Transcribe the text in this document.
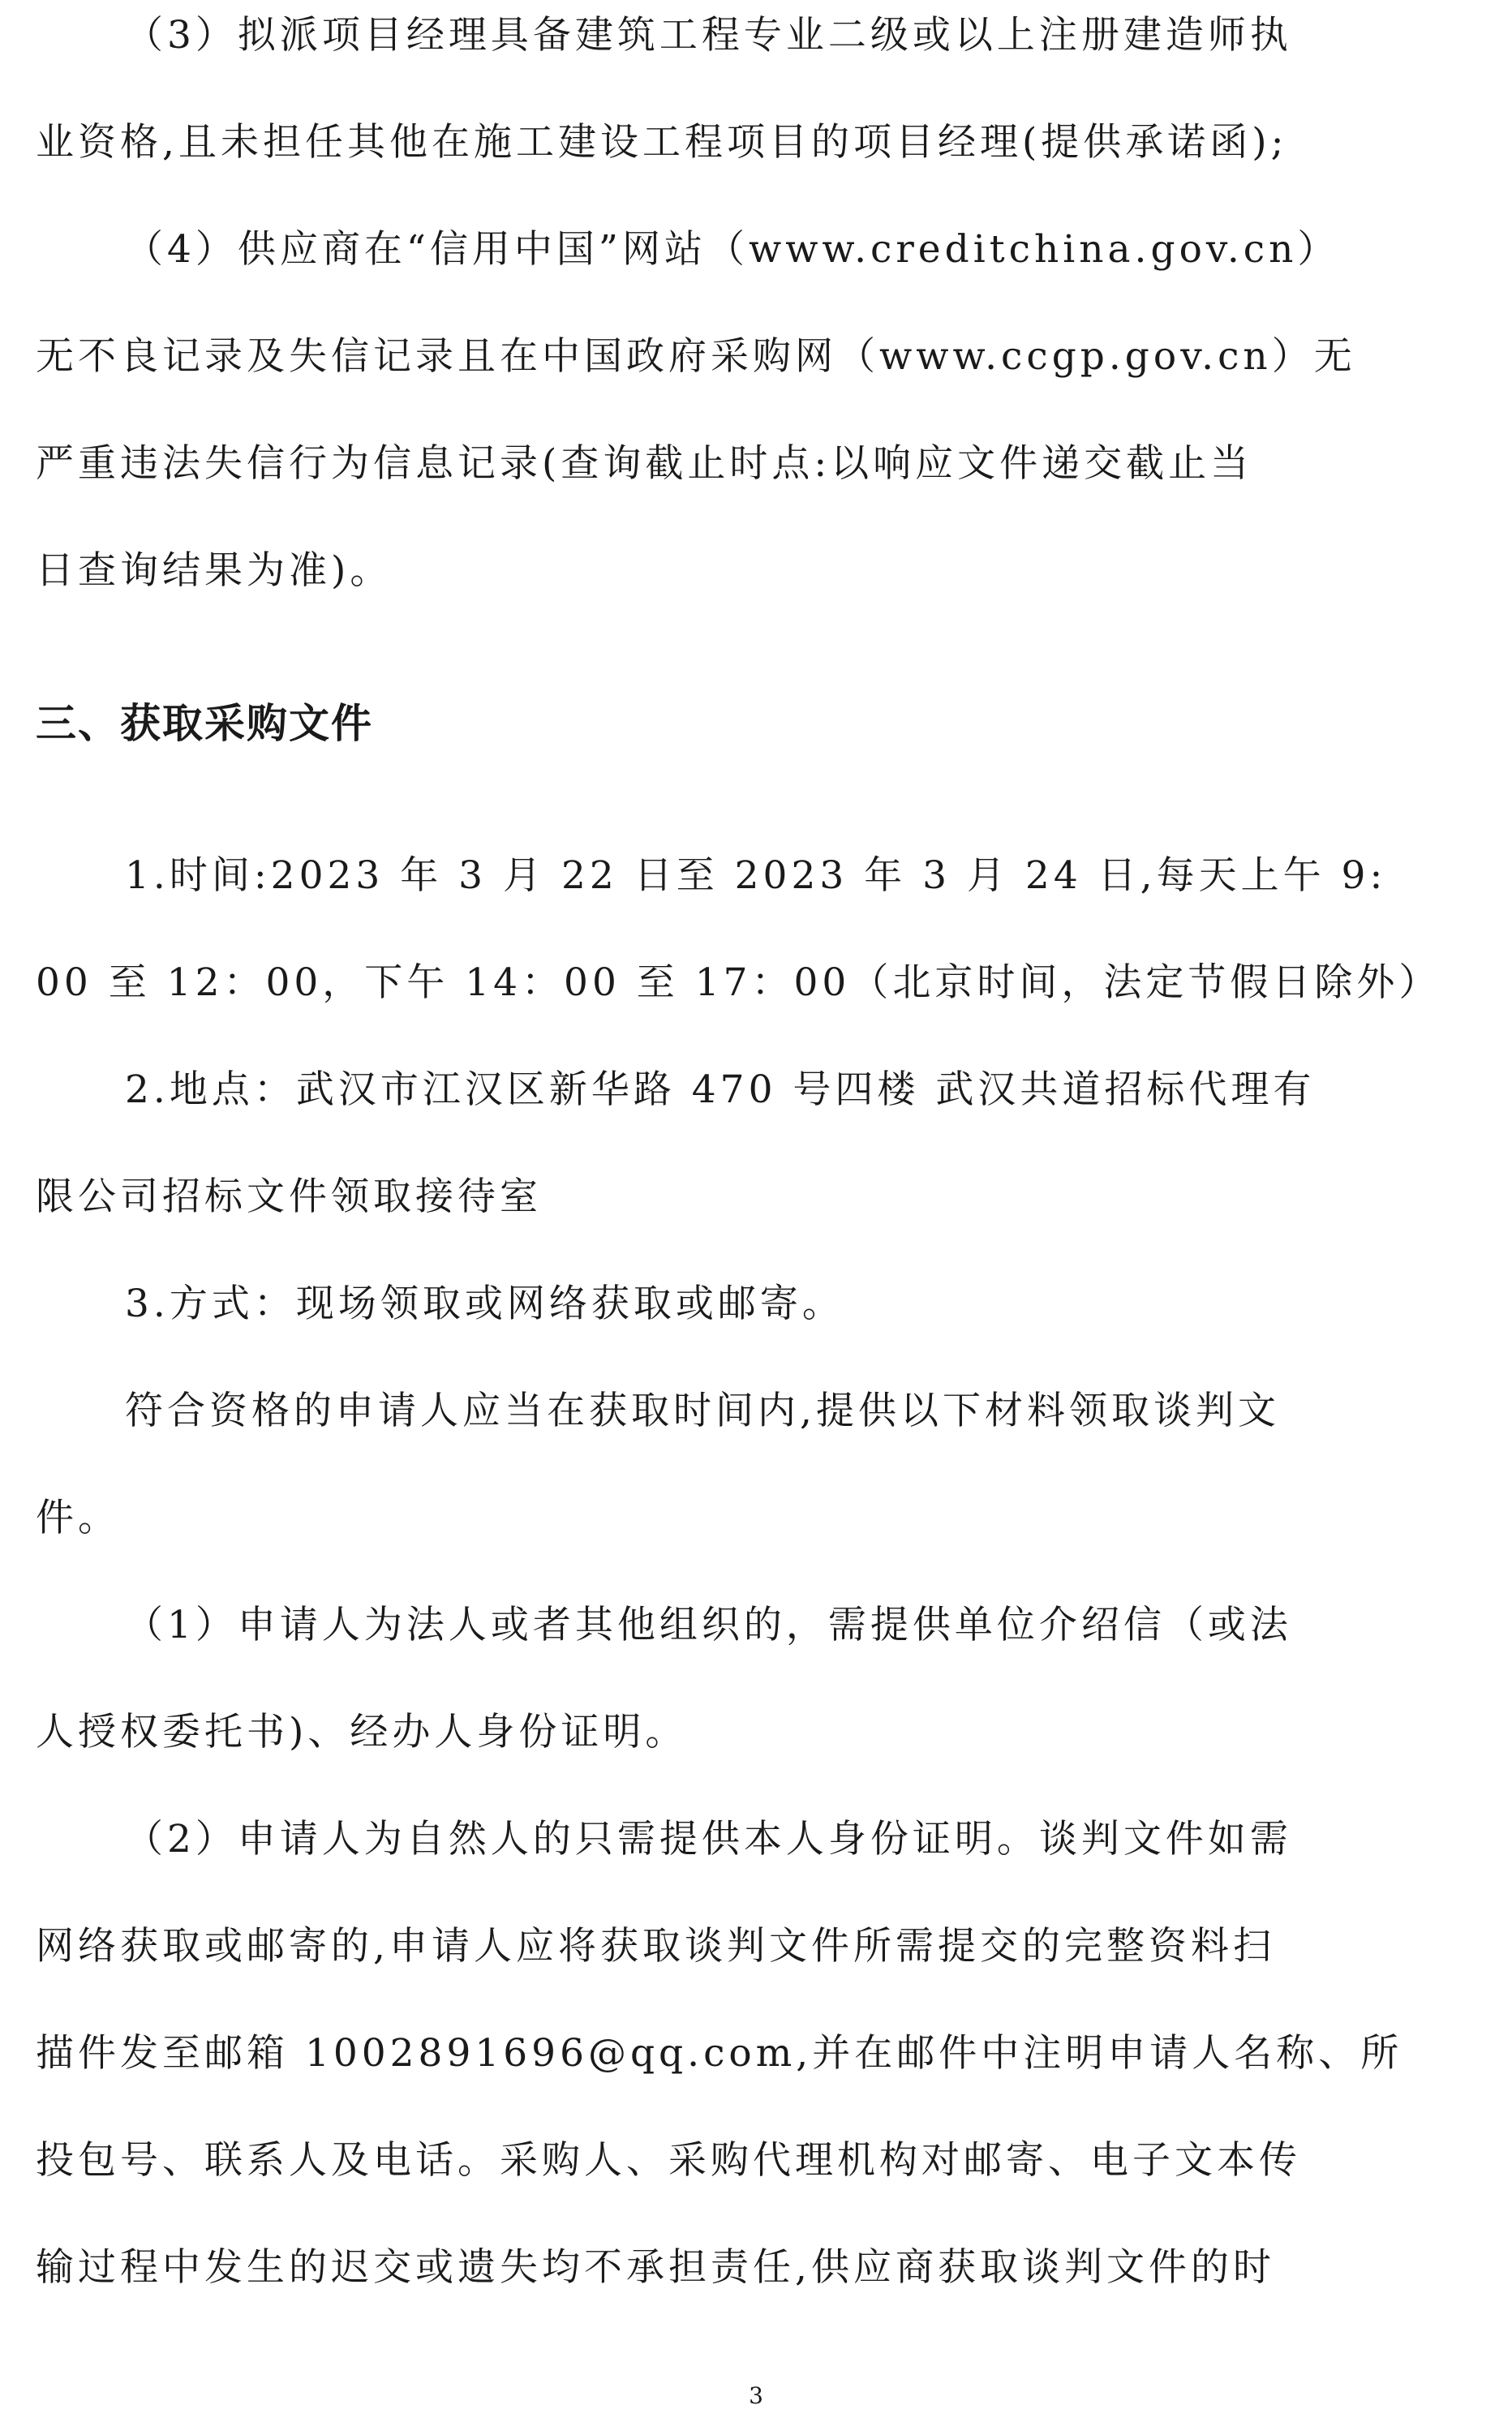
（3）拟派项目经理具备建筑工程专业二级或以上注册建造师执
业资格,且未担任其他在施工建设工程项目的项目经理(提供承诺函);
（4）供应商在“信用中国”网站（www.creditchina.gov.cn）
无不良记录及失信记录且在中国政府采购网（www.ccgp.gov.cn）无
严重违法失信行为信息记录(查询截止时点:以响应文件递交截止当
日查询结果为准)。
三、获取采购文件
1.时间:2023 年 3 月 22 日至 2023 年 3 月 24 日,每天上午 9:
00 至 12：00，下午 14：00 至 17：00（北京时间，法定节假日除外）
2.地点：武汉市江汉区新华路 470 号四楼 武汉共道招标代理有
限公司招标文件领取接待室
3.方式：现场领取或网络获取或邮寄。
符合资格的申请人应当在获取时间内,提供以下材料领取谈判文
件。
（1）申请人为法人或者其他组织的，需提供单位介绍信（或法
人授权委托书)、经办人身份证明。
（2）申请人为自然人的只需提供本人身份证明。谈判文件如需
网络获取或邮寄的,申请人应将获取谈判文件所需提交的完整资料扫
描件发至邮箱 1002891696@qq.com,并在邮件中注明申请人名称、所
投包号、联系人及电话。采购人、采购代理机构对邮寄、电子文本传
输过程中发生的迟交或遗失均不承担责任,供应商获取谈判文件的时
3
